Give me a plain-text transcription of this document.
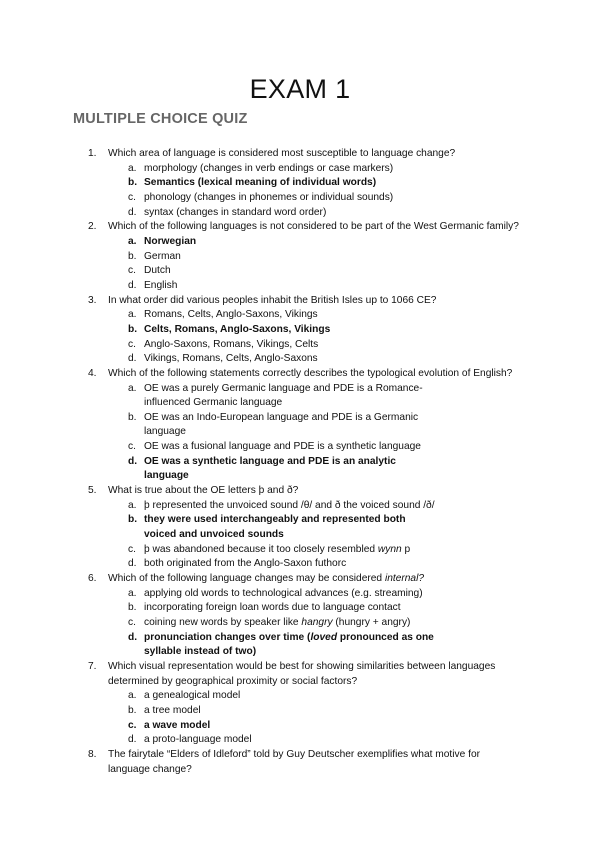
EXAM 1
MULTIPLE CHOICE QUIZ
1. Which area of language is considered most susceptible to language change?
a. morphology (changes in verb endings or case markers)
b. Semantics (lexical meaning of individual words)
c. phonology (changes in phonemes or individual sounds)
d. syntax (changes in standard word order)
2. Which of the following languages is not considered to be part of the West Germanic family?
a. Norwegian
b. German
c. Dutch
d. English
3. In what order did various peoples inhabit the British Isles up to 1066 CE?
a. Romans, Celts, Anglo-Saxons, Vikings
b. Celts, Romans, Anglo-Saxons, Vikings
c. Anglo-Saxons, Romans, Vikings, Celts
d. Vikings, Romans, Celts, Anglo-Saxons
4. Which of the following statements correctly describes the typological evolution of English?
a. OE was a purely Germanic language and PDE is a Romance-influenced Germanic language
b. OE was an Indo-European language and PDE is a Germanic language
c. OE was a fusional language and PDE is a synthetic language
d. OE was a synthetic language and PDE is an analytic language
5. What is true about the OE letters þ and ð?
a. þ represented the unvoiced sound /θ/ and ð the voiced sound /ð/
b. they were used interchangeably and represented both voiced and unvoiced sounds
c. þ was abandoned because it too closely resembled wynn p
d. both originated from the Anglo-Saxon futhorc
6. Which of the following language changes may be considered internal?
a. applying old words to technological advances (e.g. streaming)
b. incorporating foreign loan words due to language contact
c. coining new words by speaker like hangry (hungry + angry)
d. pronunciation changes over time (loved pronounced as one syllable instead of two)
7. Which visual representation would be best for showing similarities between languages determined by geographical proximity or social factors?
a. a genealogical model
b. a tree model
c. a wave model
d. a proto-language model
8. The fairytale “Elders of Idleford” told by Guy Deutscher exemplifies what motive for language change?
